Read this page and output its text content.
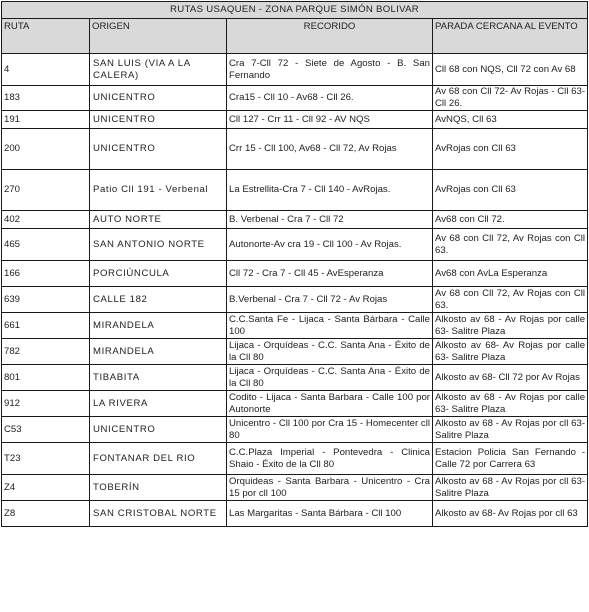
RUTAS USAQUEN - ZONA PARQUE SIMÓN BOLIVAR			
RUTA	ORIGEN	RECORIDO	PARADA CERCANA AL EVENTO
4	SAN LUIS (VIA A LA CALERA)	Cra 7-Cll 72 - Siete de Agosto - B. San Fernando	Cll 68 con NQS, Cll 72 con Av 68
183	UNICENTRO	Cra15 - Cll 10 - Av68 - Cll 26.	Av 68 con Cll 72- Av Rojas - Cll 63- Cll 26.
191	UNICENTRO	Cll 127 - Crr 11 - Cll 92 - AV NQS	AvNQS, Cll 63
200	UNICENTRO	Crr 15 - Cll 100, Av68 - Cll 72, Av Rojas	AvRojas con Cll 63
270	Patio Cll 191 - Verbenal	La Estrellita-Cra 7 - Cll 140 - AvRojas.	AvRojas con Cll 63
402	AUTO NORTE	B. Verbenal - Cra 7 - Cll 72	Av68 con Cll 72.
465	SAN ANTONIO NORTE	Autonorte-Av cra 19 - Cll 100 - Av Rojas.	Av 68 con Cll 72, Av Rojas con Cll 63.
166	PORCIÚNCULA	Cll 72 - Cra 7 - Cll 45 - AvEsperanza	Av68 con AvLa Esperanza
639	CALLE 182	B.Verbenal - Cra 7 - Cll 72 - Av Rojas	Av 68 con Cll 72, Av Rojas con Cll 63.
661	MIRANDELA	C.C.Santa Fe - Lijaca - Santa Bárbara - Calle 100	Alkosto av 68 - Av Rojas por calle 63- Salitre Plaza
782	MIRANDELA	Lijaca - Orquídeas - C.C. Santa Ana - Éxito de la Cll 80	Alkosto av 68- Av Rojas por calle 63- Salitre Plaza
801	TIBABITA	Lijaca - Orquídeas - C.C. Santa Ana - Éxito de la Cll 80	Alkosto av 68- Cll 72 por Av Rojas
912	LA RIVERA	Codito - Lijaca - Santa Barbara - Calle 100 por Autonorte	Alkosto av 68 - Av Rojas por calle 63- Salitre Plaza
C53	UNICENTRO	Unicentro - Cll 100 por Cra 15 - Homecenter cll 80	Alkosto av 68 - Av Rojas por cll 63- Salitre Plaza
T23	FONTANAR DEL RIO	C.C.Plaza Imperial - Pontevedra - Clinica Shaio - Éxito de la Cll 80	Estacion Policia San Fernando - Calle 72 por Carrera 63
Z4	TOBERÍN	Orquideas - Santa Barbara - Unicentro - Cra 15 por cll 100	Alkosto av 68 - Av Rojas por cll 63- Salitre Plaza
Z8	SAN CRISTOBAL NORTE	Las Margaritas - Santa Bárbara - Cll 100	Alkosto av 68- Av Rojas por cll 63
